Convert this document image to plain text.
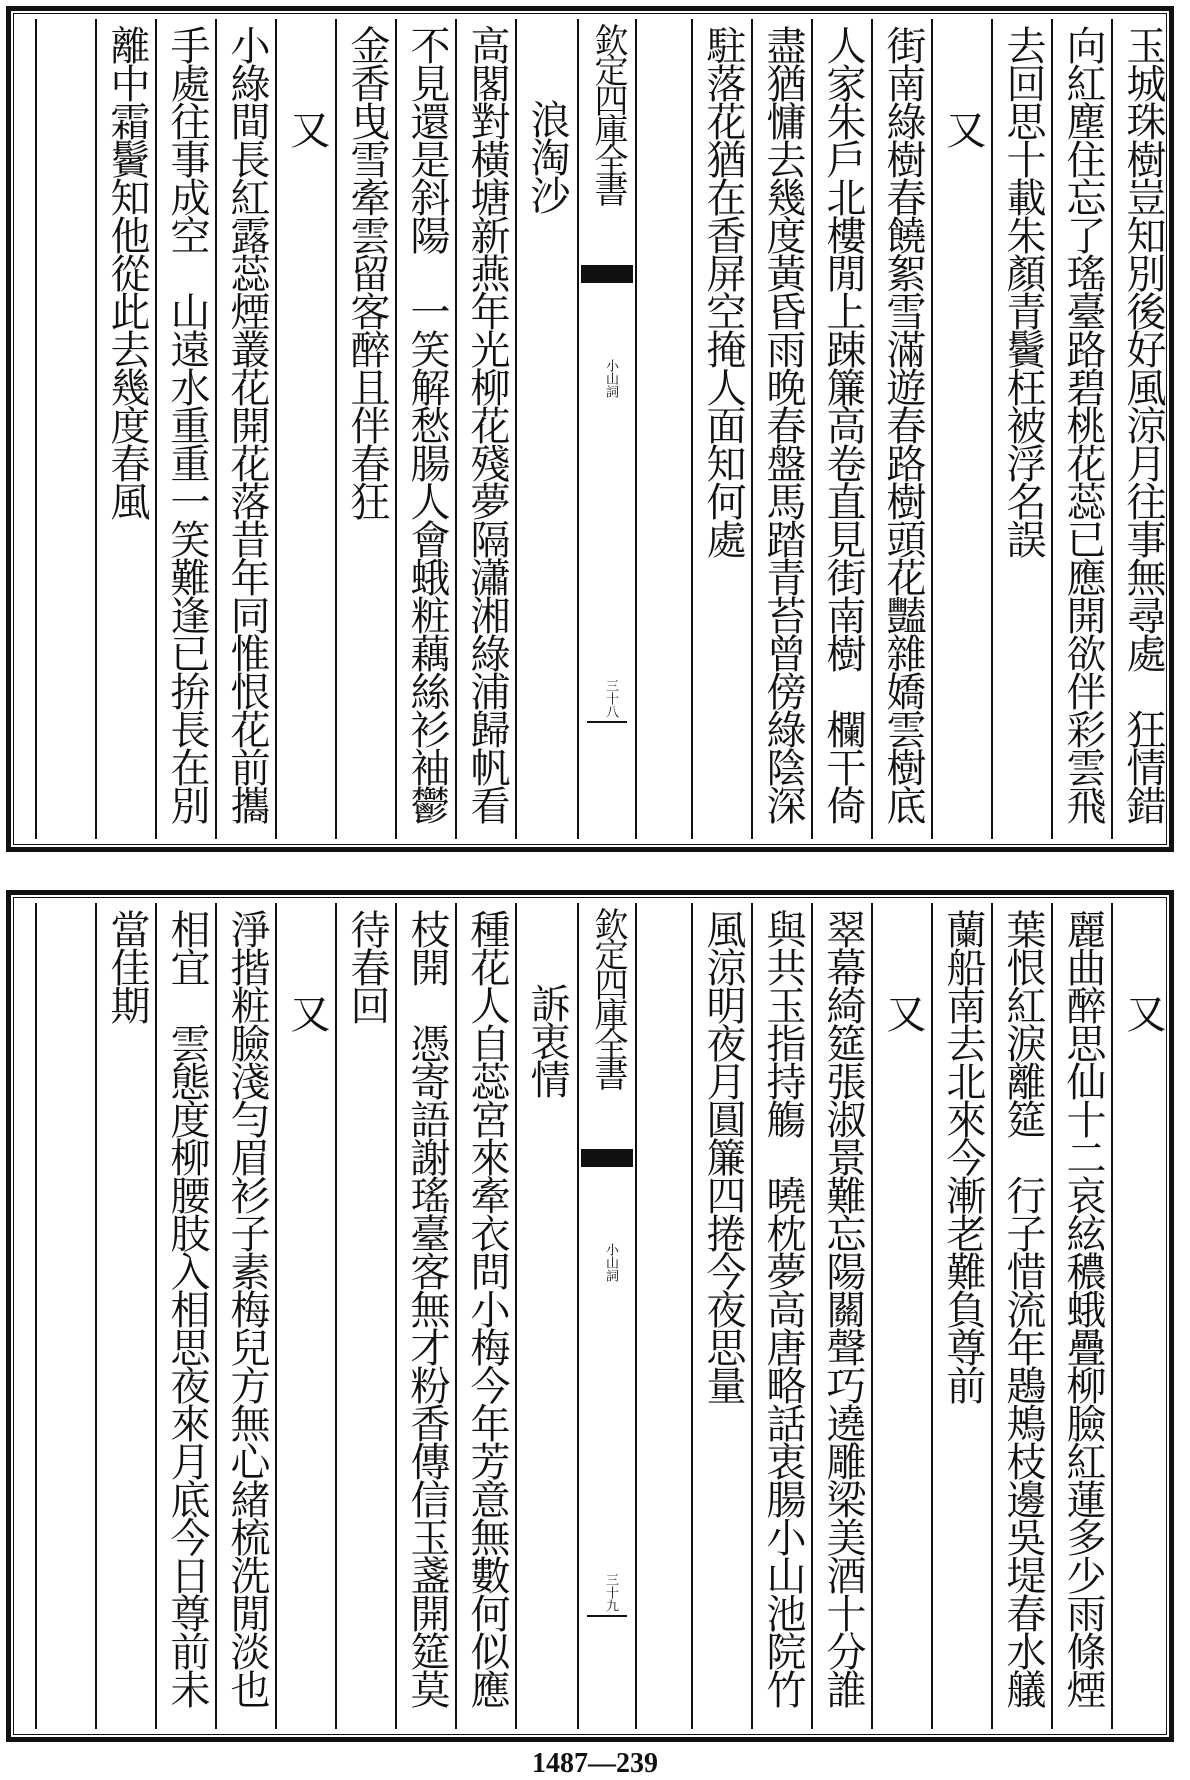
玉城珠樹豈知別後好風涼月往事無尋處　狂情錯
向紅塵住忘了瑤臺路碧桃花蕊已應開欲伴彩雲飛
去回思十載朱顏青鬢枉被浮名誤
又
街南綠樹春饒絮雪滿遊春路樹頭花豔雜嬌雲樹底
人家朱戶北樓閒上踈簾高卷直見街南樹　欄干倚
盡猶慵去幾度黃昏雨晚春盤馬踏青苔曾傍綠陰深
駐落花猶在香屏空掩人面知何處
欽定四庫全書
小山詞
三十八
浪淘沙
高閣對橫塘新燕年光柳花殘夢隔瀟湘綠浦歸帆看
不見還是斜陽　一笑解愁腸人會蛾粧藕絲衫袖鬱
金香曳雪牽雲留客醉且伴春狂
又
小綠間長紅露蕊煙叢花開花落昔年同惟恨花前攜
手處往事成空　山遠水重重一笑難逢已拚長在別
離中霜鬢知他從此去幾度春風
又
麗曲醉思仙十二哀絃穠蛾疊柳臉紅蓮多少雨條煙
葉恨紅淚離筵　行子惜流年鶗鴂枝邊吳堤春水艤
蘭船南去北來今漸老難負尊前
又
翠幕綺筵張淑景難忘陽關聲巧遶雕梁美酒十分誰
與共玉指持觴　曉枕夢高唐略話衷腸小山池院竹
風涼明夜月圓簾四捲今夜思量
欽定四庫全書
小山詞
三十九
訴衷情
種花人自蕊宮來牽衣問小梅今年芳意無數何似應
枝開　憑寄語謝瑤臺客無才粉香傳信玉盞開筵莫
待春回
又
淨揩粧臉淺勻眉衫子素梅兒方無心緒梳洗閒淡也
相宜　雲態度柳腰肢入相思夜來月底今日尊前未
當佳期
1487—239
